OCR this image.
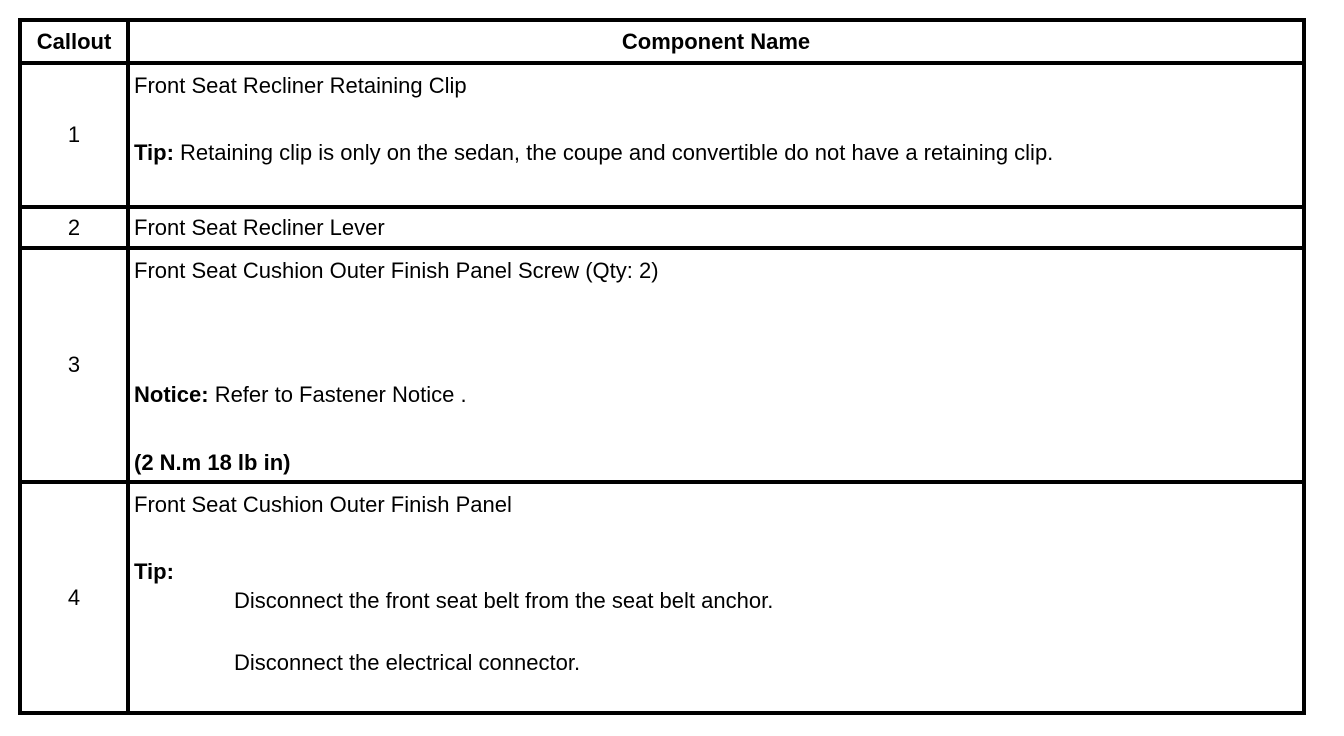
Callout	Component Name
1
Front Seat Recliner Retaining Clip
Tip: Retaining clip is only on the sedan, the coupe and convertible do not have a retaining clip.
2	Front Seat Recliner Lever
3
Front Seat Cushion Outer Finish Panel Screw (Qty: 2)
Notice: Refer to Fastener Notice .
(2 N.m 18 lb in)
4
Front Seat Cushion Outer Finish Panel
Tip:
Disconnect the front seat belt from the seat belt anchor.
Disconnect the electrical connector.
